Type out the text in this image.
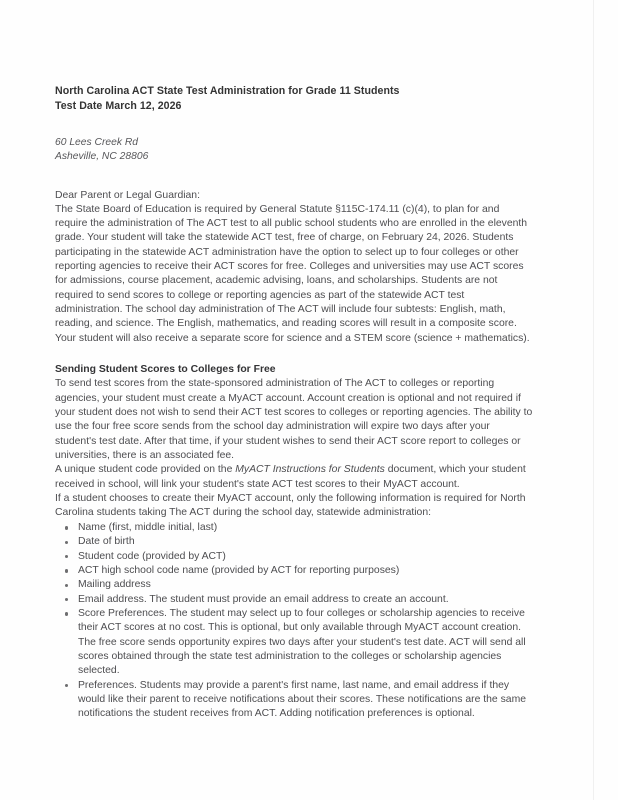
North Carolina ACT State Test Administration for Grade 11 Students
Test Date March 12, 2026
60 Lees Creek Rd
Asheville, NC 28806
Dear Parent or Legal Guardian:

The State Board of Education is required by General Statute §115C-174.11 (c)(4), to plan for and require the administration of The ACT test to all public school students who are enrolled in the eleventh grade. Your student will take the statewide ACT test, free of charge, on February 24, 2026. Students participating in the statewide ACT administration have the option to select up to four colleges or other reporting agencies to receive their ACT scores for free. Colleges and universities may use ACT scores for admissions, course placement, academic advising, loans, and scholarships. Students are not required to send scores to college or reporting agencies as part of the statewide ACT test administration. The school day administration of The ACT will include four subtests: English, math, reading, and science. The English, mathematics, and reading scores will result in a composite score. Your student will also receive a separate score for science and a STEM score (science + mathematics).

Sending Student Scores to Colleges for Free

To send test scores from the state-sponsored administration of The ACT to colleges or reporting agencies, your student must create a MyACT account. Account creation is optional and not required if your student does not wish to send their ACT test scores to colleges or reporting agencies. The ability to use the four free score sends from the school day administration will expire two days after your student's test date. After that time, if your student wishes to send their ACT score report to colleges or universities, there is an associated fee.

A unique student code provided on the MyACT Instructions for Students document, which your student received in school, will link your student's state ACT test scores to their MyACT account.

If a student chooses to create their MyACT account, only the following information is required for North Carolina students taking The ACT during the school day, statewide administration:

Name (first, middle initial, last)
Date of birth
Student code (provided by ACT)
ACT high school code name (provided by ACT for reporting purposes)
Mailing address
Email address. The student must provide an email address to create an account.
Score Preferences. The student may select up to four colleges or scholarship agencies to receive their ACT scores at no cost. This is optional, but only available through MyACT account creation. The free score sends opportunity expires two days after your student's test date. ACT will send all scores obtained through the state test administration to the colleges or scholarship agencies selected.
Preferences. Students may provide a parent's first name, last name, and email address if they would like their parent to receive notifications about their scores. These notifications are the same notifications the student receives from ACT. Adding notification preferences is optional.
